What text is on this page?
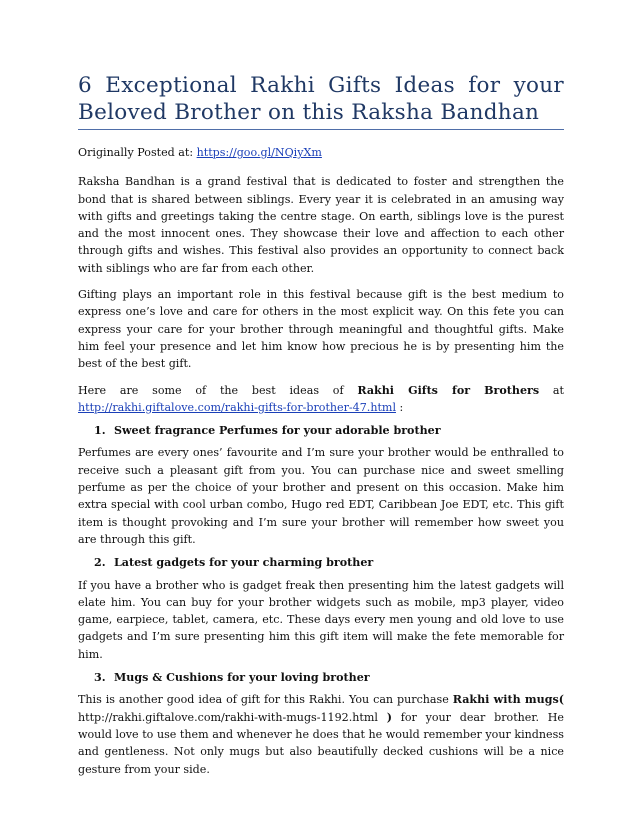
6 Exceptional Rakhi Gifts Ideas for your Beloved Brother on this Raksha Bandhan

Originally Posted at: https://goo.gl/NQiyXm

Raksha Bandhan is a grand festival that is dedicated to foster and strengthen the bond that is shared between siblings. Every year it is celebrated in an amusing way with gifts and greetings taking the centre stage. On earth, siblings love is the purest and the most innocent ones. They showcase their love and affection to each other through gifts and wishes. This festival also provides an opportunity to connect back with siblings who are far from each other.

Gifting plays an important role in this festival because gift is the best medium to express one’s love and care for others in the most explicit way. On this fete you can express your care for your brother through meaningful and thoughtful gifts. Make him feel your presence and let him know how precious he is by presenting him the best of the best gift.

Here are some of the best ideas of Rakhi Gifts for Brothers at http://rakhi.giftalove.com/rakhi-gifts-for-brother-47.html :

1. Sweet fragrance Perfumes for your adorable brother

Perfumes are every ones’ favourite and I’m sure your brother would be enthralled to receive such a pleasant gift from you. You can purchase nice and sweet smelling perfume as per the choice of your brother and present on this occasion. Make him extra special with cool urban combo, Hugo red EDT, Caribbean Joe EDT, etc. This gift item is thought provoking and I’m sure your brother will remember how sweet you are through this gift.

2. Latest gadgets for your charming brother

If you have a brother who is gadget freak then presenting him the latest gadgets will elate him. You can buy for your brother widgets such as mobile, mp3 player, video game, earpiece, tablet, camera, etc. These days every men young and old love to use gadgets and I’m sure presenting him this gift item will make the fete memorable for him.

3. Mugs & Cushions for your loving brother

This is another good idea of gift for this Rakhi. You can purchase Rakhi with mugs( http://rakhi.giftalove.com/rakhi-with-mugs-1192.html ) for your dear brother. He would love to use them and whenever he does that he would remember your kindness and gentleness. Not only mugs but also beautifully decked cushions will be a nice gesture from your side.
